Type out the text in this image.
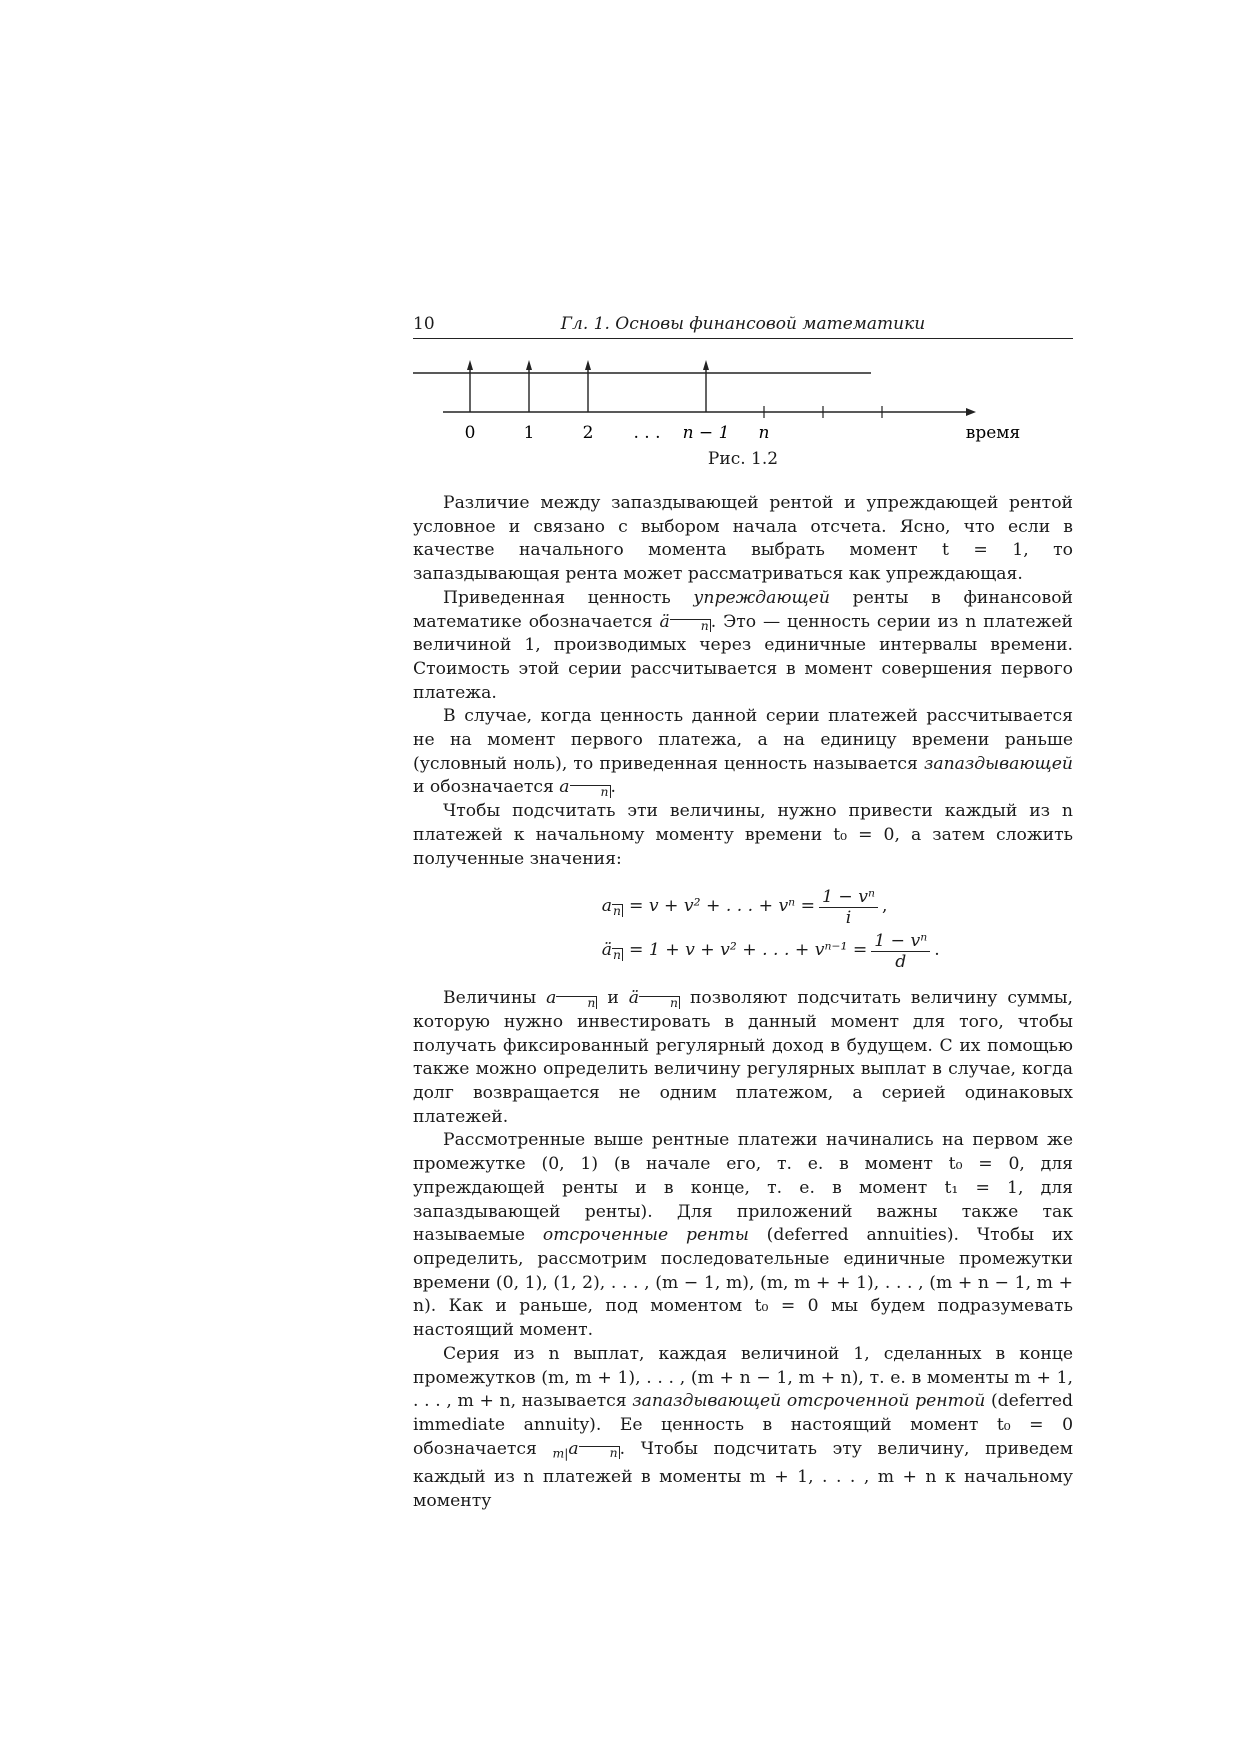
10	Гл. 1. Основы финансовой математики
0	1	2 . . . n − 1 n	время
Рис. 1.2

Различие между запаздывающей рентой и упреждающей рентой условное и связано с выбором начала отсчета. Ясно, что если в качестве начального момента выбрать момент t = 1, то запаздывающая рента может рассматриваться как упреждающая.

Приведенная ценность упреждающей ренты в финансовой математике обозначается ä	n . Это — ценность серии из n платежей величиной 1, производимых через единичные интервалы времени. Стоимость этой серии рассчитывается в момент совершения первого платежа.

В случае, когда ценность данной серии платежей рассчитывается не на момент первого платежа, а на единицу времени раньше (условный ноль), то приведенная ценность называется запаздывающей и обозначается a	n .

Чтобы подсчитать эти величины, нужно привести каждый из n платежей к начальному моменту времени t₀ = 0, а затем сложить полученные значения:

an = v + v² + . . . + $v^n = \frac{\text{1 − vⁿ}}{i}$ ,
än = 1 + v + v² + . . . + $v^{n-1} = \frac{\text{1 − vⁿ}}{d}$ .

Величины a	n и ä	n позволяют подсчитать величину суммы, которую нужно инвестировать в данный момент для того, чтобы получать фиксированный регулярный доход в будущем. С их помощью также можно определить величину регулярных выплат в случае, когда долг возвращается не одним платежом, а серией одинаковых платежей.

Рассмотренные выше рентные платежи начинались на первом же промежутке (0, 1) (в начале его, т. е. в момент t₀ = 0, для упреждающей ренты и в конце, т. е. в момент t₁ = 1, для запаздывающей ренты). Для приложений важны также так называемые отсроченные ренты (deferred annuities). Чтобы их определить, рассмотрим последовательные единичные промежутки времени (0, 1), (1, 2), . . . , (m − 1, m), (m, m + + 1), . . . , (m + n − 1, m + n). Как и раньше, под моментом t₀ = 0 мы будем подразумевать настоящий момент.

Серия из n выплат, каждая величиной 1, сделанных в конце промежутков (m, m + 1), . . . , (m + n − 1, m + n), т. е. в моменты m + 1, . . . , m + n, называется запаздывающей отсроченной рентой (deferred immediate annuity). Ее ценность в настоящий момент t₀ = 0 обозначается $_{m|}$a	n . Чтобы подсчитать эту величину, приведем каждый из n платежей в моменты m + 1, . . . , m + n к начальному моменту
